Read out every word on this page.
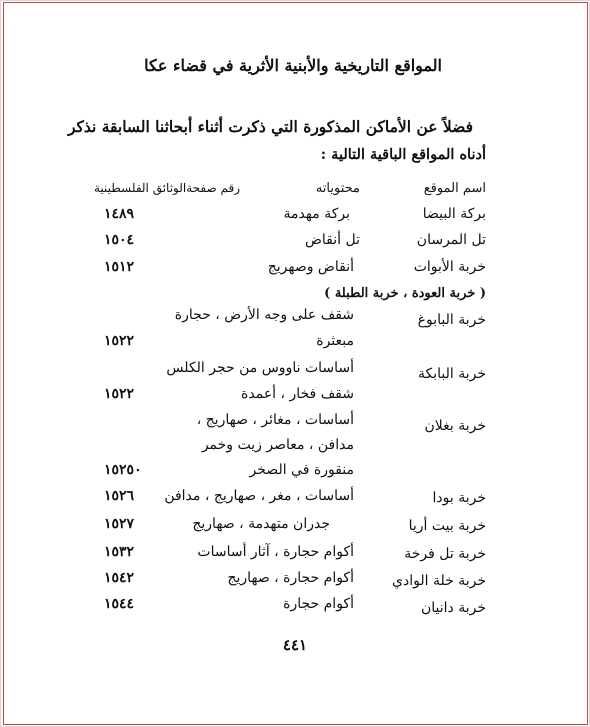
المواقع التاريخية والأبنية الأثرية في قضاء عكا
فضلاً عن الأماكن المذكورة التي ذكرت أثناء أبحاثنا السابقة نذكر
أدناه المواقع الباقية التالية :
اسم الموقع
محتوياته
رقم صفحةالوثائق الفلسطينية
بركة البيضا
بركة مهدمة
١٤٨٩
تل المرسان
تل أنقاض
١٥٠٤
خربة الأبوات
أنقاض وصهريج
١٥١٢
( خربة العودة ، خربة الطبلة )
خربة البابوغ
شقف على وجه الأرض ، حجارة
مبعثرة
١٥٢٢
خربة البابكة
أساسات ناووس من حجر الكلس
شقف فخار ، أعمدة
١٥٢٢
خربة بغلان
أساسات ، مغائر ، صهاريج ،
مدافن ، معاصر زيت وخمر
منقورة في الصخر
١٥٢٥٠
خربة بودا
أساسات ، مغر ، صهاريج ، مدافن
١٥٢٦
خربة بيت أريا
جدران متهدمة ، صهاريج
١٥٢٧
خربة تل فرخة
أكوام حجارة ، آثار أساسات
١٥٣٢
خربة خلة الوادي
أكوام حجارة ، صهاريج
١٥٤٢
خربة دانيان
أكوام حجارة
١٥٤٤
٤٤١
